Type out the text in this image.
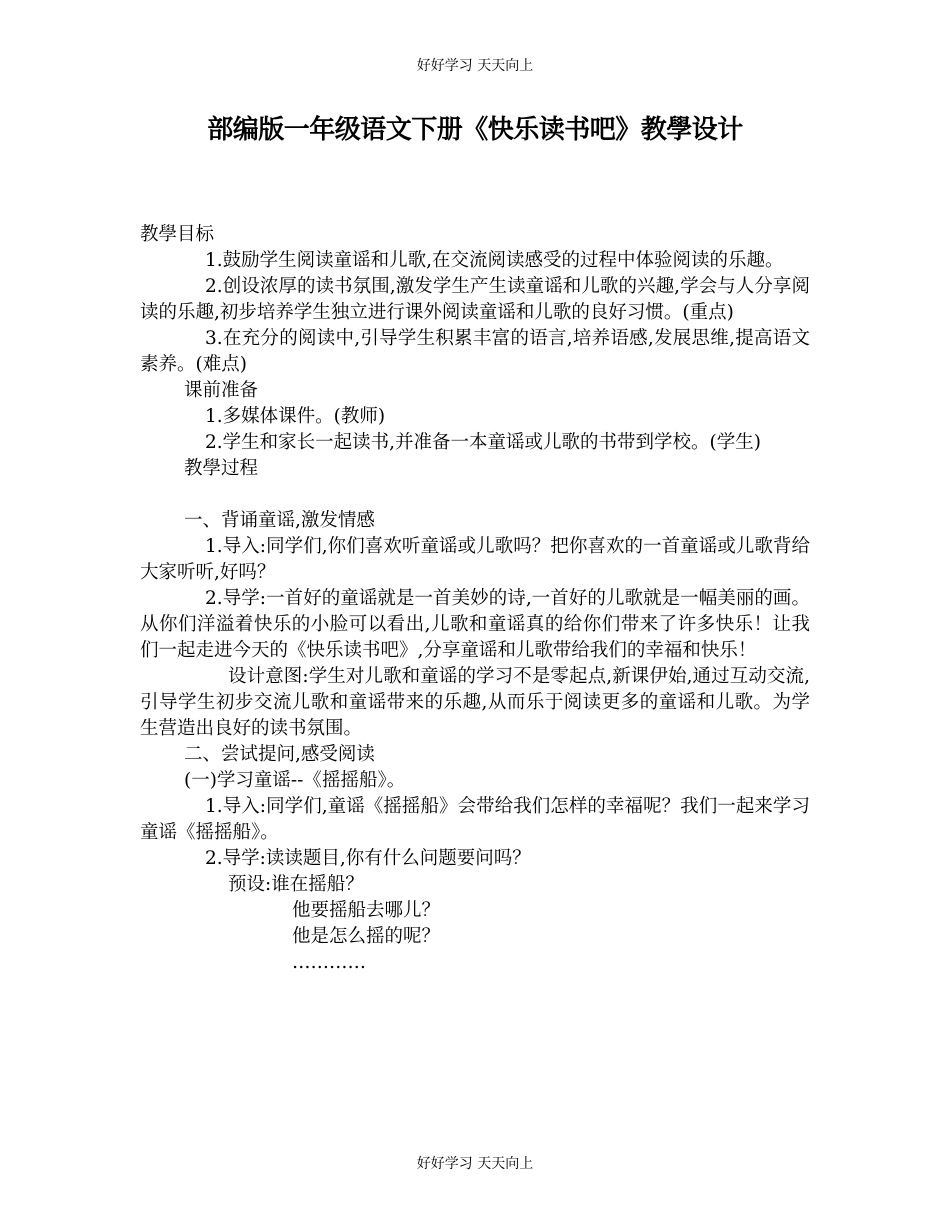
好好学习 天天向上
部编版一年级语文下册《快乐读书吧》教學设计

教學目标

1.鼓励学生阅读童谣和儿歌,在交流阅读感受的过程中体验阅读的乐趣。

2.创设浓厚的读书氛围,激发学生产生读童谣和儿歌的兴趣,学会与人分享阅读的乐趣,初步培养学生独立进行课外阅读童谣和儿歌的良好习惯。(重点)

3.在充分的阅读中,引导学生积累丰富的语言,培养语感,发展思维,提高语文素养。(难点)

课前准备

1.多媒体课件。(教师)

2.学生和家长一起读书,并准备一本童谣或儿歌的书带到学校。(学生)

教學过程

一、背诵童谣,激发情感

1.导入:同学们,你们喜欢听童谣或儿歌吗？把你喜欢的一首童谣或儿歌背给大家听听,好吗？

2.导学:一首好的童谣就是一首美妙的诗,一首好的儿歌就是一幅美丽的画。从你们洋溢着快乐的小脸可以看出,儿歌和童谣真的给你们带来了许多快乐！让我们一起走进今天的《快乐读书吧》,分享童谣和儿歌带给我们的幸福和快乐！

设计意图:学生对儿歌和童谣的学习不是零起点,新课伊始,通过互动交流,引导学生初步交流儿歌和童谣带来的乐趣,从而乐于阅读更多的童谣和儿歌。为学生营造出良好的读书氛围。

二、尝试提问,感受阅读

(一)学习童谣--《摇摇船》。

1.导入:同学们,童谣《摇摇船》会带给我们怎样的幸福呢？我们一起来学习童谣《摇摇船》。

2.导学:读读题目,你有什么问题要问吗？

预设:谁在摇船？

他要摇船去哪儿？

他是怎么摇的呢？

…………

好好学习 天天向上
